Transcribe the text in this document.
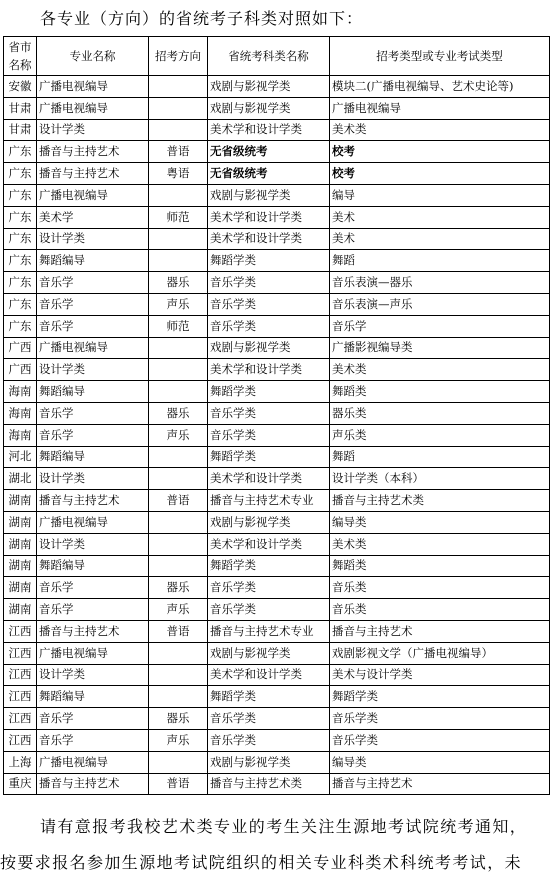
各专业（方向）的省统考子科类对照如下：
省市名称	专业名称	招考方向	省统考科类名称	招考类型或专业考试类型
安徽	广播电视编导		戏剧与影视学类	模块二(广播电视编导、艺术史论等)
甘肃	广播电视编导		戏剧与影视学类	广播电视编导
甘肃	设计学类		美术学和设计学类	美术类
广东	播音与主持艺术	普语	无省级统考	校考
广东	播音与主持艺术	粤语	无省级统考	校考
广东	广播电视编导		戏剧与影视学类	编导
广东	美术学	师范	美术学和设计学类	美术
广东	设计学类		美术学和设计学类	美术
广东	舞蹈编导		舞蹈学类	舞蹈
广东	音乐学	器乐	音乐学类	音乐表演—器乐
广东	音乐学	声乐	音乐学类	音乐表演—声乐
广东	音乐学	师范	音乐学类	音乐学
广西	广播电视编导		戏剧与影视学类	广播影视编导类
广西	设计学类		美术学和设计学类	美术类
海南	舞蹈编导		舞蹈学类	舞蹈类
海南	音乐学	器乐	音乐学类	器乐类
海南	音乐学	声乐	音乐学类	声乐类
河北	舞蹈编导		舞蹈学类	舞蹈
湖北	设计学类		美术学和设计学类	设计学类（本科）
湖南	播音与主持艺术	普语	播音与主持艺术专业	播音与主持艺术类
湖南	广播电视编导		戏剧与影视学类	编导类
湖南	设计学类		美术学和设计学类	美术类
湖南	舞蹈编导		舞蹈学类	舞蹈类
湖南	音乐学	器乐	音乐学类	音乐类
湖南	音乐学	声乐	音乐学类	音乐类
江西	播音与主持艺术	普语	播音与主持艺术专业	播音与主持艺术
江西	广播电视编导		戏剧与影视学类	戏剧影视文学（广播电视编导）
江西	设计学类		美术学和设计学类	美术与设计学类
江西	舞蹈编导		舞蹈学类	舞蹈学类
江西	音乐学	器乐	音乐学类	音乐学类
江西	音乐学	声乐	音乐学类	音乐学类
上海	广播电视编导		戏剧与影视学类	编导类
重庆	播音与主持艺术	普语	播音与主持艺术类	播音与主持艺术
请有意报考我校艺术类专业的考生关注生源地考试院统考通知，
按要求报名参加生源地考试院组织的相关专业科类术科统考考试，未
